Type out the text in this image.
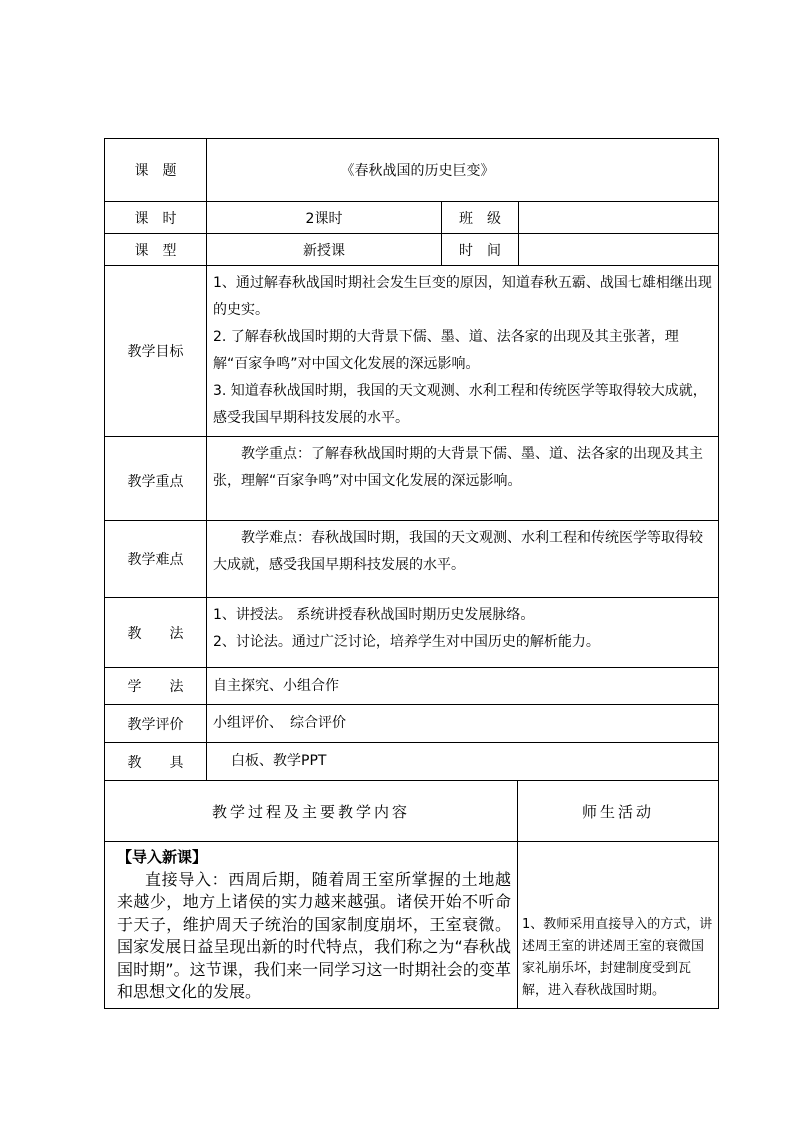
课　题	《春秋战国的历史巨变》		
课　时	2课时	班　级	
课　型	新授课	时　间	
教学目标	1、通过解春秋战国时期社会发生巨变的原因，知道春秋五霸、战国七雄相继出现的史实。
2. 了解春秋战国时期的大背景下儒、墨、道、法各家的出现及其主张著，理解“百家争鸣”对中国文化发展的深远影响。
3. 知道春秋战国时期，我国的天文观测、水利工程和传统医学等取得较大成就，感受我国早期科技发展的水平。		

教学重点	教学重点：了解春秋战国时期的大背景下儒、墨、道、法各家的出现及其主张，理解“百家争鸣”对中国文化发展的深远影响。		
教学难点	教学难点：春秋战国时期，我国的天文观测、水利工程和传统医学等取得较大成就，感受我国早期科技发展的水平。		
教　　法	1、讲授法。 系统讲授春秋战国时期历史发展脉络。
2、讨论法。通过广泛讨论，培养学生对中国历史的解析能力。		

学　　法	自主探究、小组合作		
教学评价	小组评价、　综合评价		
教　　具	白板、教学PPT		
教学过程及主要教学内容	师生活动

【导入新课】
直接导入：西周后期，随着周王室所掌握的土地越来越少，地方上诸侯的实力越来越强。诸侯开始不听命于天子，维护周天子统治的国家制度崩坏，王室衰微。国家发展日益呈现出新的时代特点，我们称之为“春秋战国时期”。这节课，我们来一同学习这一时期社会的变革和思想文化的发展。	1、教师采用直接导入的方式，讲述周王室的讲述周王室的衰微国家礼崩乐坏，封建制度受到瓦解，进入春秋战国时期。
